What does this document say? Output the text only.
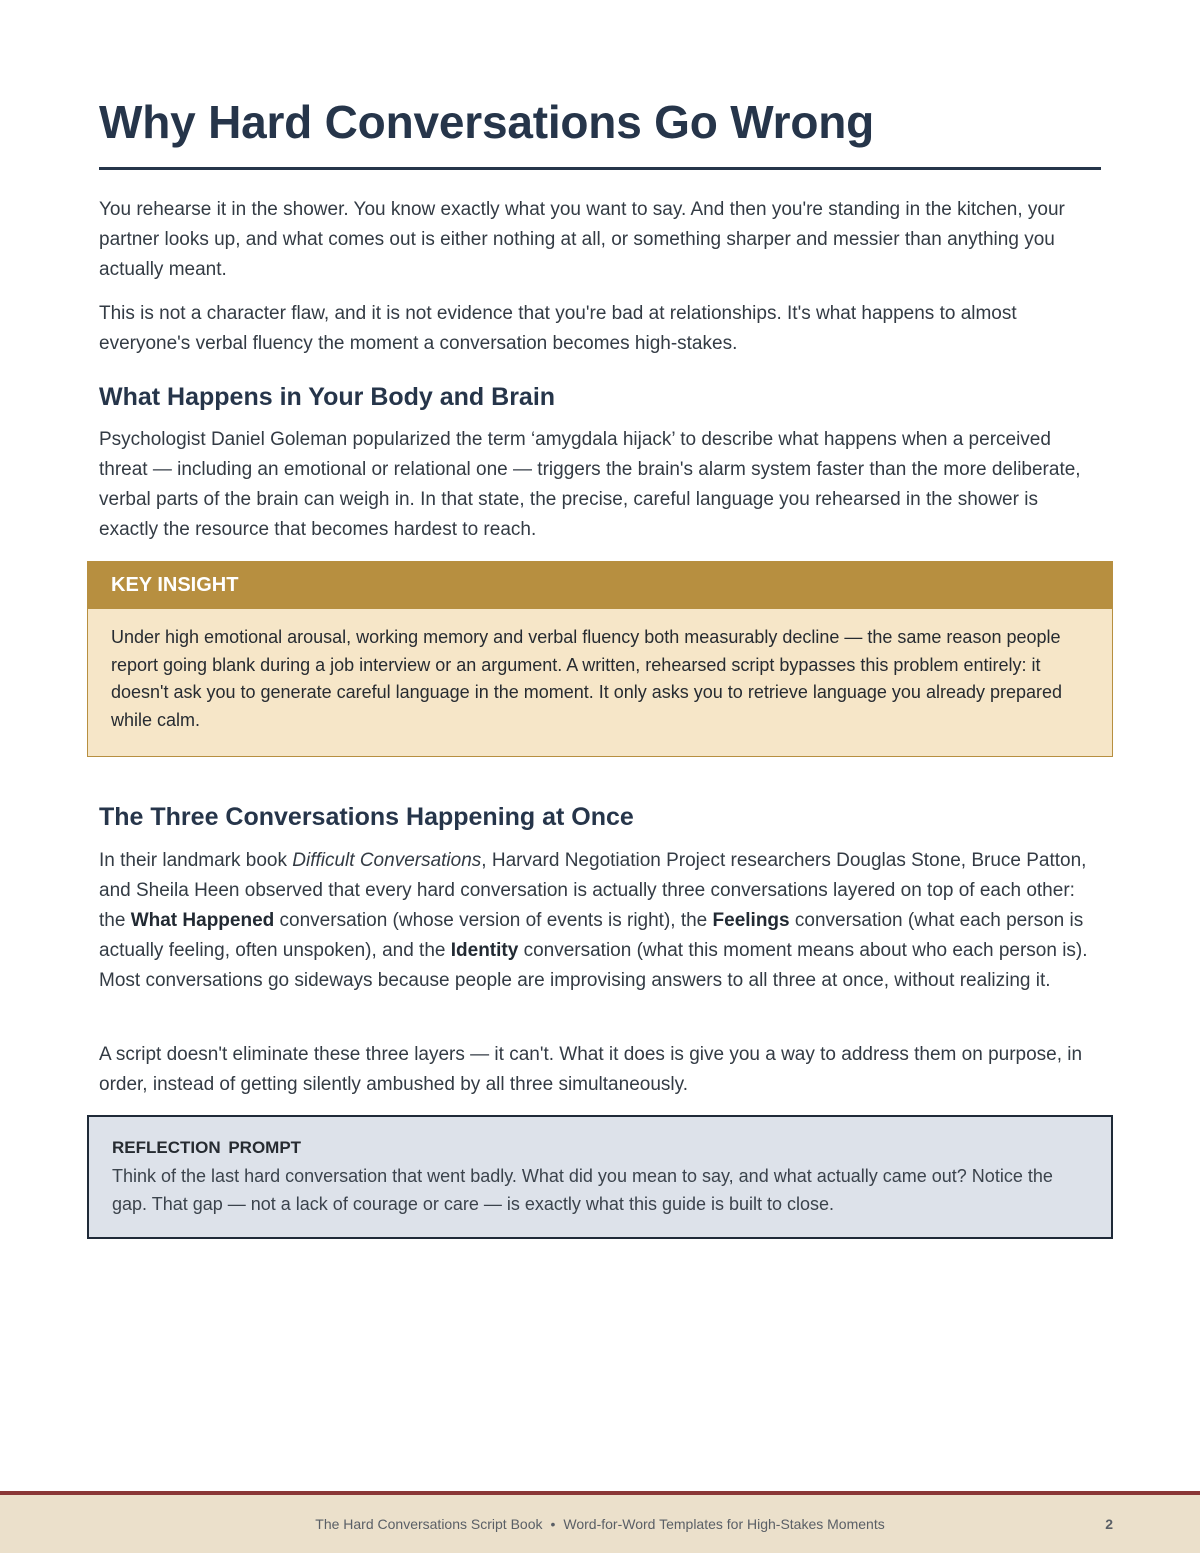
Why Hard Conversations Go Wrong

You rehearse it in the shower. You know exactly what you want to say. And then you're standing in the kitchen, your partner looks up, and what comes out is either nothing at all, or something sharper and messier than anything you actually meant.

This is not a character flaw, and it is not evidence that you're bad at relationships. It's what happens to almost everyone's verbal fluency the moment a conversation becomes high-stakes.

What Happens in Your Body and Brain

Psychologist Daniel Goleman popularized the term ‘amygdala hijack’ to describe what happens when a perceived threat — including an emotional or relational one — triggers the brain's alarm system faster than the more deliberate, verbal parts of the brain can weigh in. In that state, the precise, careful language you rehearsed in the shower is exactly the resource that becomes hardest to reach.

The Three Conversations Happening at Once

In their landmark book Difficult Conversations, Harvard Negotiation Project researchers Douglas Stone, Bruce Patton, and Sheila Heen observed that every hard conversation is actually three conversations layered on top of each other: the What Happened conversation (whose version of events is right), the Feelings conversation (what each person is actually feeling, often unspoken), and the Identity conversation (what this moment means about who each person is). Most conversations go sideways because people are improvising answers to all three at once, without realizing it.

A script doesn't eliminate these three layers — it can't. What it does is give you a way to address them on purpose, in order, instead of getting silently ambushed by all three simultaneously.

KEY INSIGHT
Under high emotional arousal, working memory and verbal fluency both measurably decline — the same reason people report going blank during a job interview or an argument. A written, rehearsed script bypasses this problem entirely: it doesn't ask you to generate careful language in the moment. It only asks you to retrieve language you already prepared while calm.
REFLECTION PROMPT
Think of the last hard conversation that went badly. What did you mean to say, and what actually came out? Notice the gap. That gap — not a lack of courage or care — is exactly what this guide is built to close.
The Hard Conversations Script Book • Word-for-Word Templates for High-Stakes Moments	2
